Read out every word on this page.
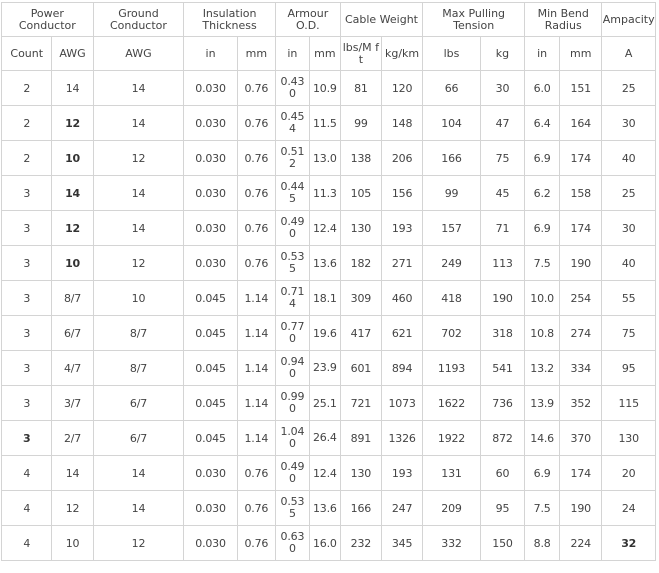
Power Conductor		Ground Conductor	Insulation Thickness		Armour O.D.		Cable Weight		Max Pulling Tension		Min Bend Radius		Ampacity
Count	AWG	AWG	in	mm	in	mm	lbs/M ft	kg/km	lbs	kg	in	mm	A
2	14	14	0.030	0.76	0.430	10.9	81	120	66	30	6.0	151	25
2	12	14	0.030	0.76	0.454	11.5	99	148	104	47	6.4	164	30
2	10	12	0.030	0.76	0.512	13.0	138	206	166	75	6.9	174	40
3	14	14	0.030	0.76	0.445	11.3	105	156	99	45	6.2	158	25
3	12	14	0.030	0.76	0.490	12.4	130	193	157	71	6.9	174	30
3	10	12	0.030	0.76	0.535	13.6	182	271	249	113	7.5	190	40
3	8/7	10	0.045	1.14	0.714	18.1	309	460	418	190	10.0	254	55
3	6/7	8/7	0.045	1.14	0.770	19.6	417	621	702	318	10.8	274	75
3	4/7	8/7	0.045	1.14	0.940	23.9	601	894	1193	541	13.2	334	95
3	3/7	6/7	0.045	1.14	0.990	25.1	721	1073	1622	736	13.9	352	115
3	2/7	6/7	0.045	1.14	1.040	26.4	891	1326	1922	872	14.6	370	130
4	14	14	0.030	0.76	0.490	12.4	130	193	131	60	6.9	174	20
4	12	14	0.030	0.76	0.535	13.6	166	247	209	95	7.5	190	24
4	10	12	0.030	0.76	0.630	16.0	232	345	332	150	8.8	224	32
